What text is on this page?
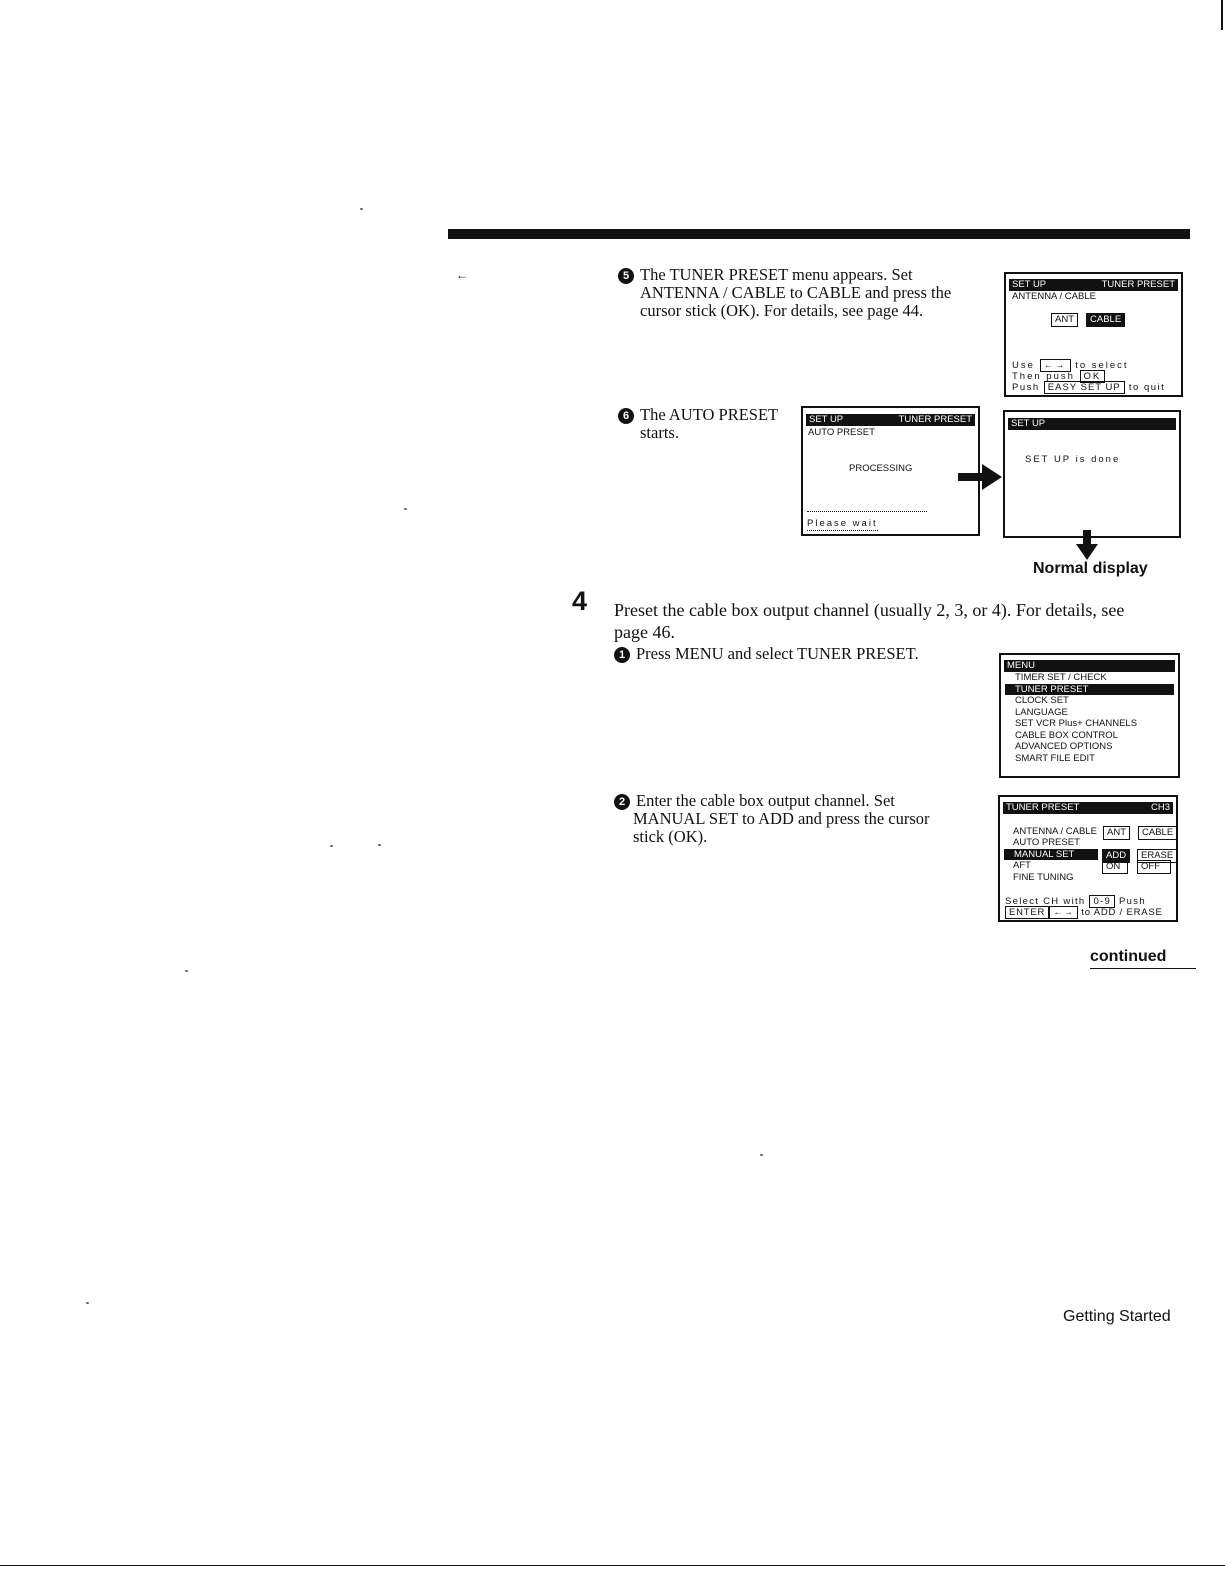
←	5 The TUNER PRESET menu appears. Set
ANTENNA / CABLE to CABLE and press the
cursor stick (OK). For details, see page 44.
SET UP	TUNER PRESET
ANTENNA / CABLE
ANT	CABLE
Use ←→ to select
Then push OK
Push EASY SET UP to quit
6 The AUTO PRESET
starts.
SET UP	TUNER PRESET
AUTO PRESET
PROCESSING
Please wait
SET UP
SET UP is done
Normal display
4 Preset the cable box output channel (usually 2, 3, or 4). For details, see
page 46.
1 Press MENU and select TUNER PRESET.
MENU
TIMER SET / CHECK
TUNER PRESET
CLOCK SET
LANGUAGE
SET VCR Plus+ CHANNELS
CABLE BOX CONTROL
ADVANCED OPTIONS
SMART FILE EDIT
2 Enter the cable box output channel. Set
MANUAL SET to ADD and press the cursor
stick (OK).
TUNER PRESET	CH3
ANTENNA / CABLE	ANT	CABLE
AUTO PRESET
MANUAL SET	ADD	ERASE
AFT	ON	OFF
FINE TUNING
Select CH with 0-9 Push
ENTER ←→ to ADD / ERASE
continued
Getting Started
